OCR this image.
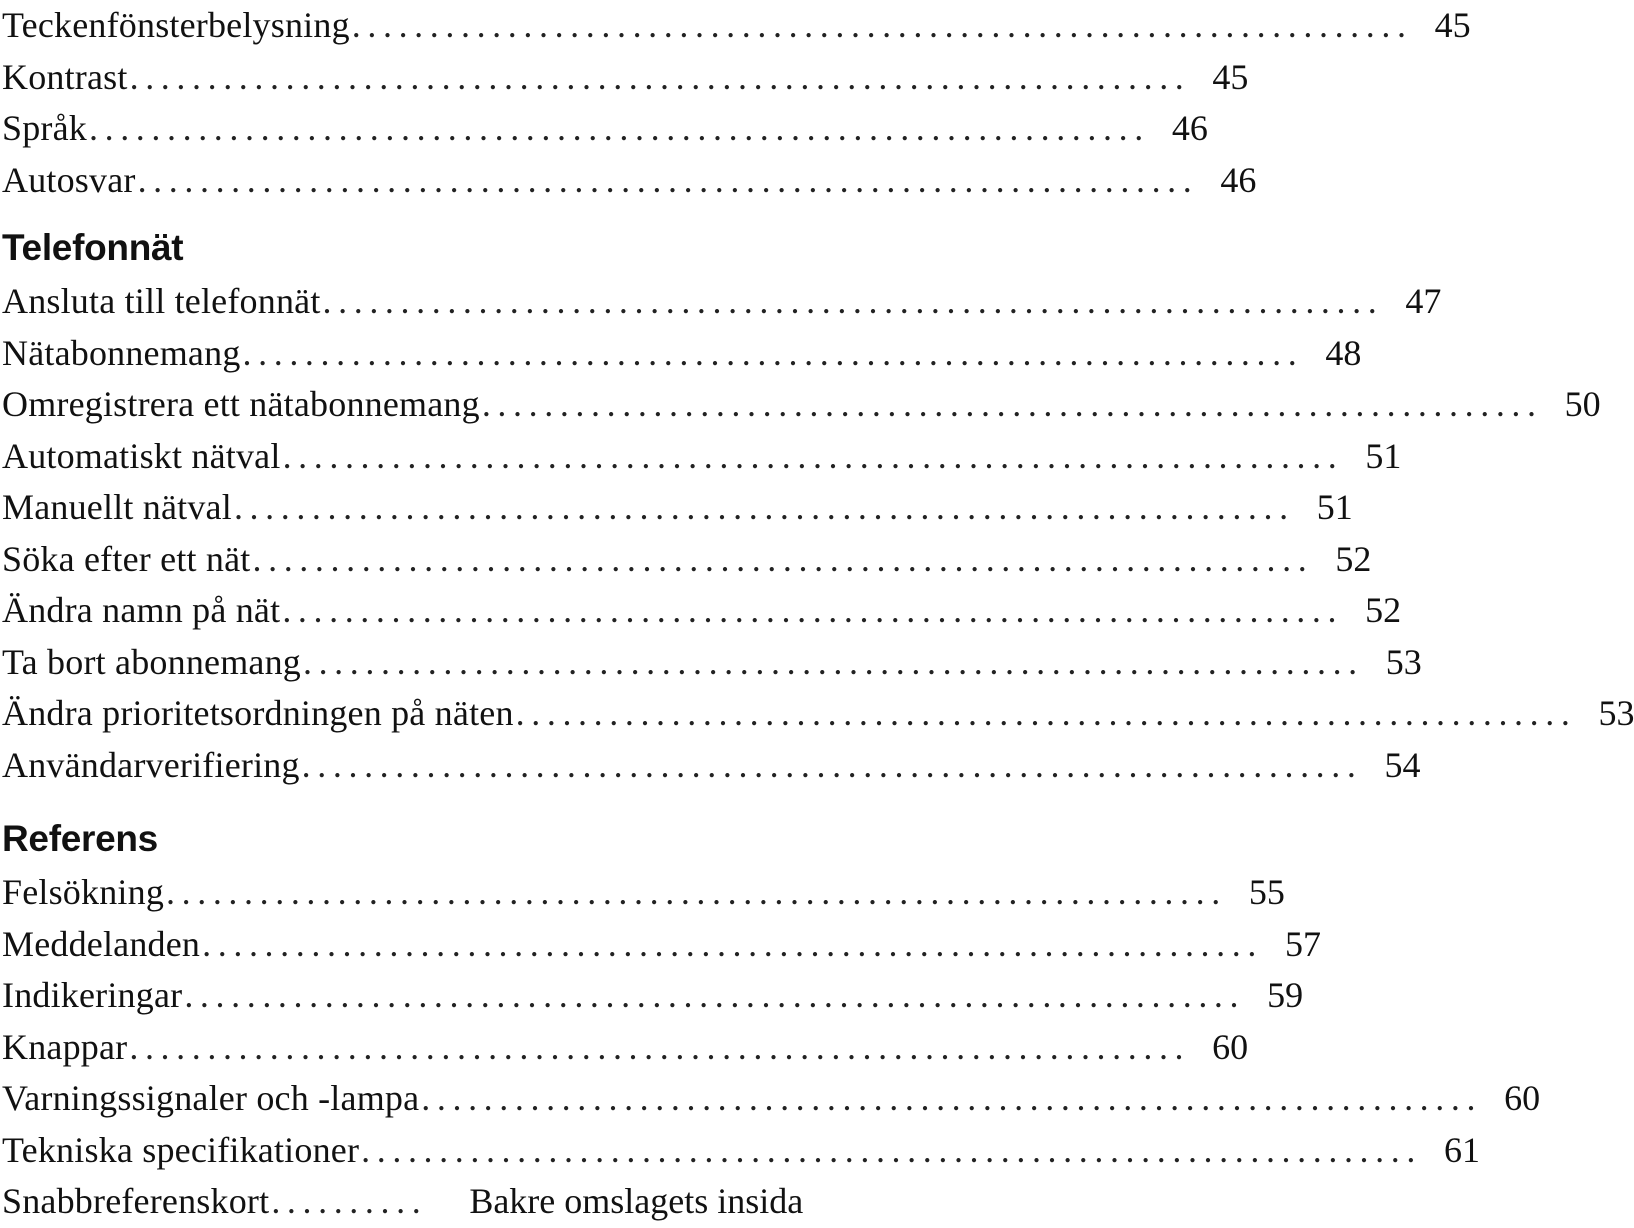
Teckenfönsterbelysning .................................................................... 45
Kontrast .................................................................... 45
Språk .................................................................... 46
Autosvar .................................................................... 46
Telefonnät
Ansluta till telefonnät .................................................................... 47
Nätabonnemang .................................................................... 48
Omregistrera ett nätabonnemang .................................................................... 50
Automatiskt nätval .................................................................... 51
Manuellt nätval .................................................................... 51
Söka efter ett nät .................................................................... 52
Ändra namn på nät .................................................................... 52
Ta bort abonnemang .................................................................... 53
Ändra prioritetsordningen på näten .................................................................... 53
Användarverifiering .................................................................... 54
Referens
Felsökning .................................................................... 55
Meddelanden .................................................................... 57
Indikeringar .................................................................... 59
Knappar .................................................................... 60
Varningssignaler och -lampa .................................................................... 60
Tekniska specifikationer .................................................................... 61
Snabbreferenskort ..........	Bakre omslagets insida
